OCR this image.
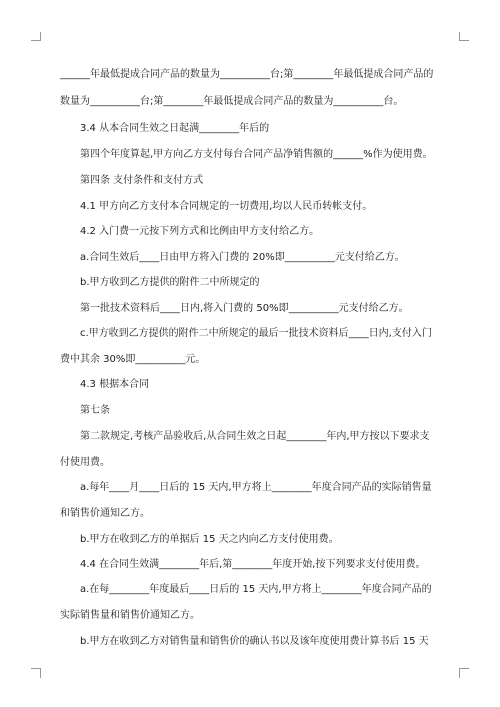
______年最低提成合同产品的数量为__________台;第________年最低提成合同产品的
数量为__________台;第________年最低提成合同产品的数量为__________台。
3.4 从本合同生效之日起满________年后的
第四个年度算起,甲方向乙方支付每台合同产品净销售额的______%作为使用费。
第四条 支付条件和支付方式
4.1 甲方向乙方支付本合同规定的一切费用,均以人民币转帐支付。
4.2 入门费一元按下列方式和比例由甲方支付给乙方。
a.合同生效后____日由甲方将入门费的 20%即__________元支付给乙方。
b.甲方收到乙方提供的附件二中所规定的
第一批技术资料后____日内,将入门费的 50%即__________元支付给乙方。
c.甲方收到乙方提供的附件二中所规定的最后一批技术资料后____日内,支付入门
费中其余 30%即__________元。
4.3 根据本合同
第七条
第二款规定,考核产品验收后,从合同生效之日起________年内,甲方按以下要求支
付使用费。
a.每年____月____日后的 15 天内,甲方将上________年度合同产品的实际销售量
和销售价通知乙方。
b.甲方在收到乙方的单据后 15 天之内向乙方支付使用费。
4.4 在合同生效满________年后,第________年度开始,按下列要求支付使用费。
a.在每________年度最后____日后的 15 天内,甲方将上________年度合同产品的
实际销售量和销售价通知乙方。
b.甲方在收到乙方对销售量和销售价的确认书以及该年度使用费计算书后 15 天
